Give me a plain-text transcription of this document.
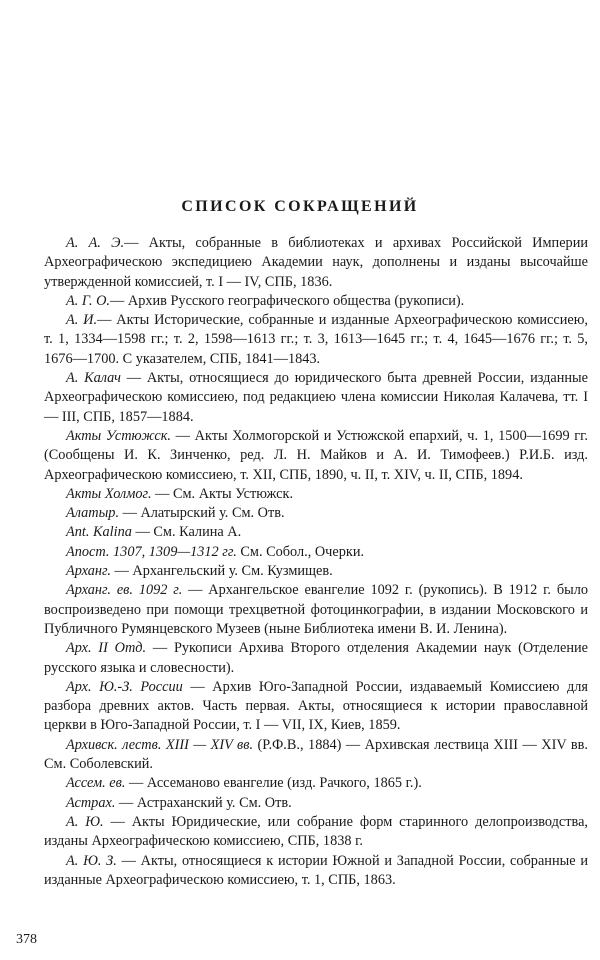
СПИСОК СОКРАЩЕНИЙ

А. А. Э.— Акты, собранные в библиотеках и архивах Российской Империи Археографическою экспедициею Академии наук, дополнены и изданы высочайше утвержденной комиссией, т. I — IV, СПБ, 1836.

А. Г. О.— Архив Русского географического общества (рукописи).

А. И.— Акты Исторические, собранные и изданные Археографическою комиссиею, т. 1, 1334—1598 гг.; т. 2, 1598—1613 гг.; т. 3, 1613—1645 гг.; т. 4, 1645—1676 гг.; т. 5, 1676—1700. С указателем, СПБ, 1841—1843.

А. Калач — Акты, относящиеся до юридического быта древней России, изданные Археографическою комиссиею, под редакциею члена комиссии Николая Калачева, тт. I — III, СПБ, 1857—1884.

Акты Устюжск. — Акты Холмогорской и Устюжской епархий, ч. 1, 1500—1699 гг. (Сообщены И. К. Зинченко, ред. Л. Н. Майков и А. И. Тимофеев.) Р.И.Б. изд. Археографическою комиссиею, т. XII, СПБ, 1890, ч. II, т. XIV, ч. II, СПБ, 1894.

Акты Холмог. — См. Акты Устюжск.

Алатыр. — Алатырский у. См. Отв.

Ant. Kalina — См. Калина А.

Апост. 1307, 1309—1312 гг. См. Собол., Очерки.

Арханг. — Архангельский у. См. Кузмищев.

Арханг. ев. 1092 г. — Архангельское евангелие 1092 г. (рукопись). В 1912 г. было воспроизведено при помощи трехцветной фотоцинкографии, в издании Московского и Публичного Румянцевского Музеев (ныне Библиотека имени В. И. Ленина).

Арх. II Отд. — Рукописи Архива Второго отделения Академии наук (Отделение русского языка и словесности).

Арх. Ю.-З. России — Архив Юго-Западной России, издаваемый Комиссиею для разбора древних актов. Часть первая. Акты, относящиеся к истории православной церкви в Юго-Западной России, т. I — VII, IX, Киев, 1859.

Архивск. леств. XIII — XIV вв. (Р.Ф.В., 1884) — Архивская лествица XIII — XIV вв. См. Соболевский.

Ассем. ев. — Ассеманово евангелие (изд. Рачкого, 1865 г.).

Астрах. — Астраханский у. См. Отв.

А. Ю. — Акты Юридические, или собрание форм старинного делопроизводства, изданы Археографическою комиссиею, СПБ, 1838 г.

А. Ю. З. — Акты, относящиеся к истории Южной и Западной России, собранные и изданные Археографическою комиссиею, т. 1, СПБ, 1863.

378
